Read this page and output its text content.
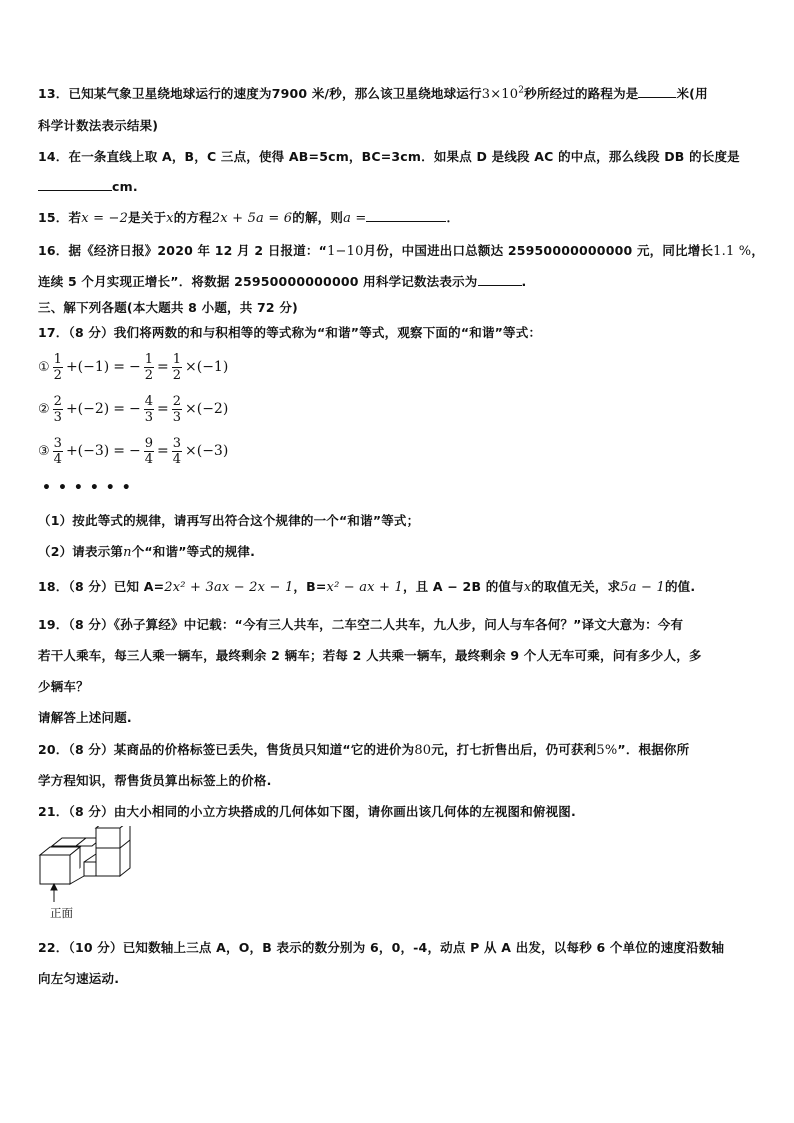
13．已知某气象卫星绕地球运行的速度为7900 米/秒，那么该卫星绕地球运行$3\times 10^2$秒所经过的路程为是	米(用
科学计数法表示结果)
14．在一条直线上取 A，B，C 三点，使得 AB=5cm，BC=3cm．如果点 D 是线段 AC 的中点，那么线段 DB 的长度是
cm.
15．若x = −2是关于x的方程2x + 5a = 6的解，则a =	．
16．据《经济日报》2020 年 12 月 2 日报道：“1−10月份，中国进出口总额达 25950000000000 元，同比增长1.1 %，
连续 5 个月实现正增长”．将数据 25950000000000 用科学记数法表示为	.
三、解下列各题(本大题共 8 小题，共 72 分)
17．（8 分）我们将两数的和与积相等的等式称为“和谐”等式，观察下面的“和谐”等式：
① $\frac{1}{2} +(-1)$ = − $\frac{1}{2} = \frac{1}{2} \times(-1)$
② $\frac{2}{3} +(-2)$ = − $\frac{4}{3} = \frac{2}{3} \times(-2)$
③ $\frac{3}{4} +(-3)$ = − $\frac{9}{4} = \frac{3}{4} \times(-3)$
••••••
（1）按此等式的规律，请再写出符合这个规律的一个“和谐”等式；
（2）请表示第n个“和谐”等式的规律.
18．（8 分）已知 A=2x² + 3ax − 2x − 1，B=x² − ax + 1，且 A − 2B 的值与x的取值无关，求5a − 1的值.
19．（8 分）《孙子算经》中记载：“今有三人共车，二车空二人共车，九人步，问人与车各何？”译文大意为：今有
若干人乘车，每三人乘一辆车，最终剩余 2 辆车；若每 2 人共乘一辆车，最终剩余 9 个人无车可乘，问有多少人，多
少辆车？
请解答上述问题.
20．（8 分）某商品的价格标签已丢失，售货员只知道“它的进价为80元，打七折售出后，仍可获利5%”．根据你所
学方程知识，帮售货员算出标签上的价格.
21．（8 分）由大小相同的小立方块搭成的几何体如下图，请你画出该几何体的左视图和俯视图.
正面
22．（10 分）已知数轴上三点 A，O，B 表示的数分别为 6，0，-4，动点 P 从 A 出发，以每秒 6 个单位的速度沿数轴
向左匀速运动.
